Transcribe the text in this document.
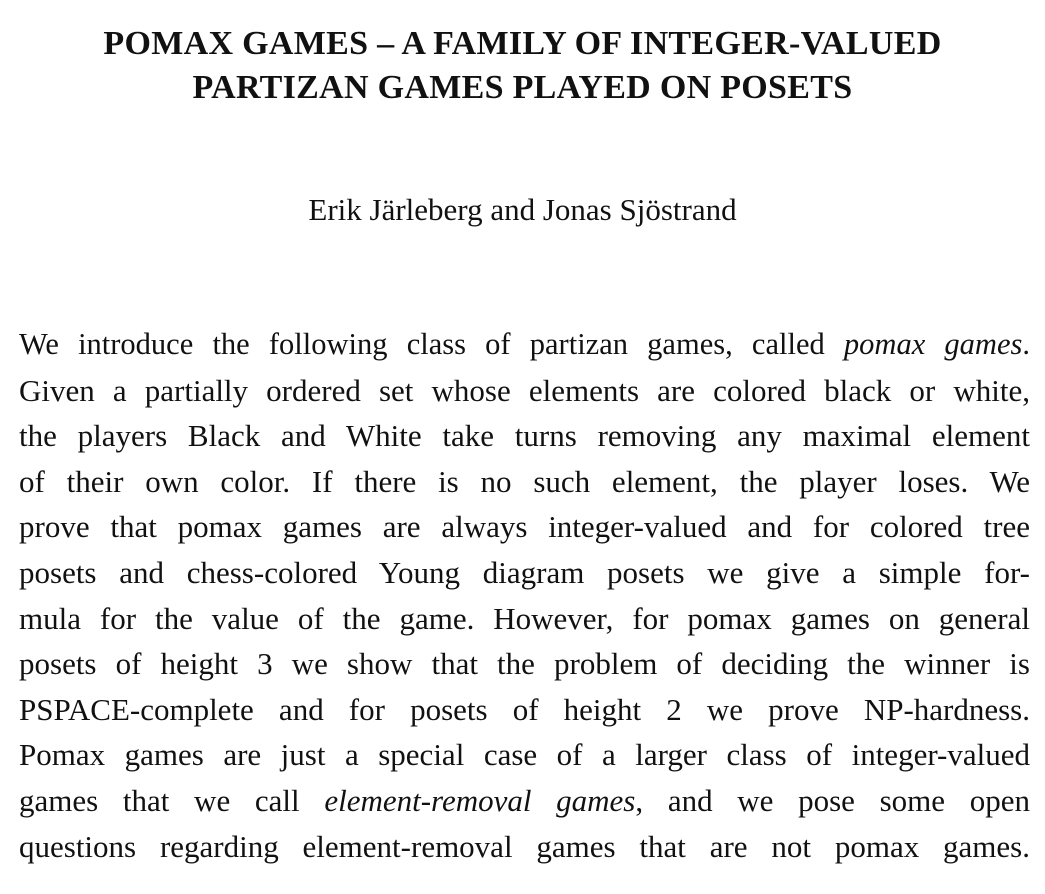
POMAX GAMES – A FAMILY OF INTEGER-VALUED
PARTIZAN GAMES PLAYED ON POSETS

Erik Järleberg and Jonas Sjöstrand

We introduce the following class of partizan games, called pomax games.
Given a partially ordered set whose elements are colored black or white,
the players Black and White take turns removing any maximal element
of their own color. If there is no such element, the player loses. We
prove that pomax games are always integer-valued and for colored tree
posets and chess-colored Young diagram posets we give a simple for-
mula for the value of the game. However, for pomax games on general
posets of height 3 we show that the problem of deciding the winner is
PSPACE-complete and for posets of height 2 we prove NP-hardness.
Pomax games are just a special case of a larger class of integer-valued
games that we call element-removal games, and we pose some open
questions regarding element-removal games that are not pomax games.
